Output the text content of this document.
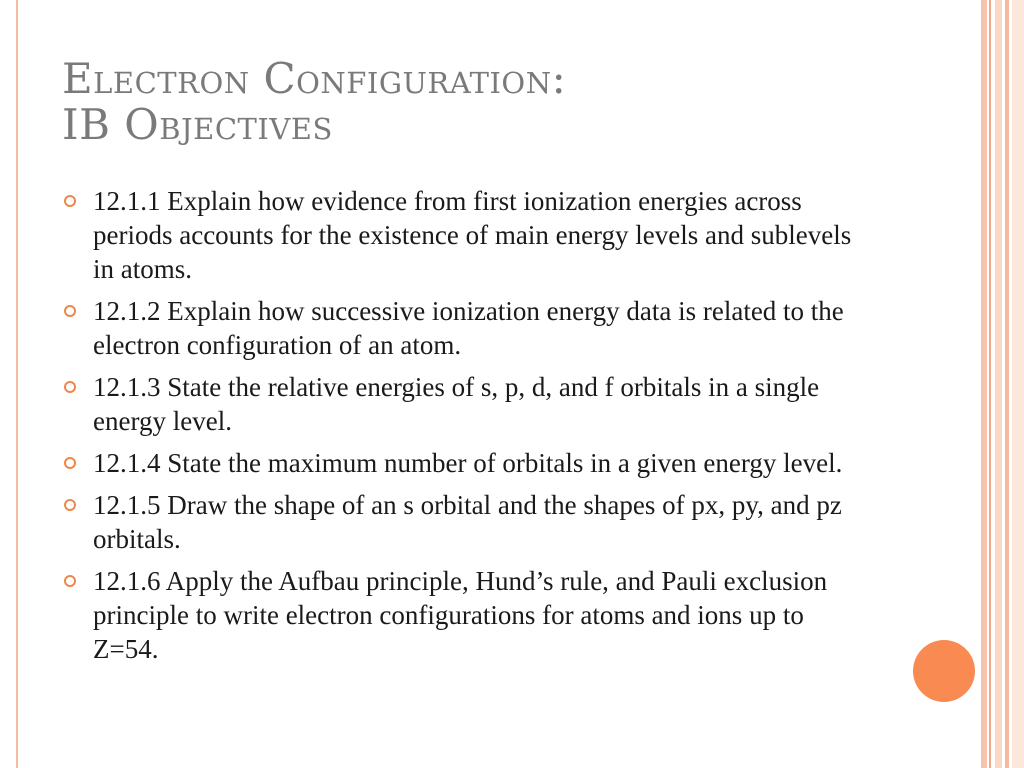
Electron Configuration:
IB Objectives
12.1.1 Explain how evidence from first ionization energies across periods accounts for the existence of main energy levels and sublevels in atoms.
12.1.2 Explain how successive ionization energy data is related to the electron configuration of an atom.
12.1.3 State the relative energies of s, p, d, and f orbitals in a single energy level.
12.1.4 State the maximum number of orbitals in a given energy level.
12.1.5 Draw the shape of an s orbital and the shapes of px, py, and pz orbitals.
12.1.6 Apply the Aufbau principle, Hund’s rule, and Pauli exclusion principle to write electron configurations for atoms and ions up to Z=54.
